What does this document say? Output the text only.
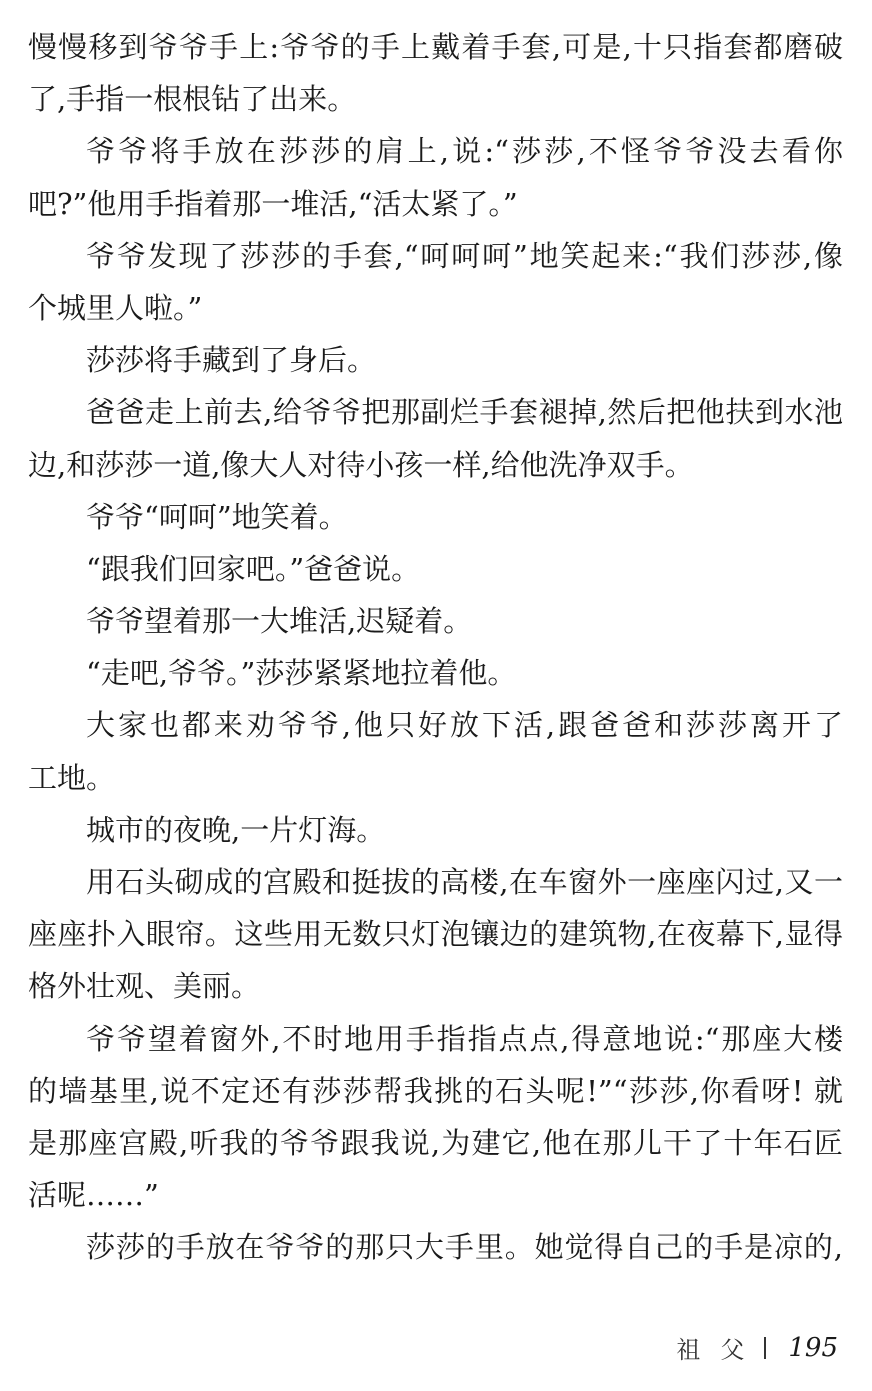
慢慢移到爷爷手上:爷爷的手上戴着手套,可是,十只指套都磨破
了,手指一根根钻了出来。
爷爷将手放在莎莎的肩上,说:“莎莎,不怪爷爷没去看你
吧?”他用手指着那一堆活,“活太紧了。”
爷爷发现了莎莎的手套,“呵呵呵”地笑起来:“我们莎莎,像
个城里人啦。”
莎莎将手藏到了身后。
爸爸走上前去,给爷爷把那副烂手套褪掉,然后把他扶到水池
边,和莎莎一道,像大人对待小孩一样,给他洗净双手。
爷爷“呵呵”地笑着。
“跟我们回家吧。”爸爸说。
爷爷望着那一大堆活,迟疑着。
“走吧,爷爷。”莎莎紧紧地拉着他。
大家也都来劝爷爷,他只好放下活,跟爸爸和莎莎离开了
工地。
城市的夜晚,一片灯海。
用石头砌成的宫殿和挺拔的高楼,在车窗外一座座闪过,又一
座座扑入眼帘。这些用无数只灯泡镶边的建筑物,在夜幕下,显得
格外壮观、美丽。
爷爷望着窗外,不时地用手指指点点,得意地说:“那座大楼
的墙基里,说不定还有莎莎帮我挑的石头呢!”“莎莎,你看呀! 就
是那座宫殿,听我的爷爷跟我说,为建它,他在那儿干了十年石匠
活呢……”
莎莎的手放在爷爷的那只大手里。她觉得自己的手是凉的,
祖父 195
